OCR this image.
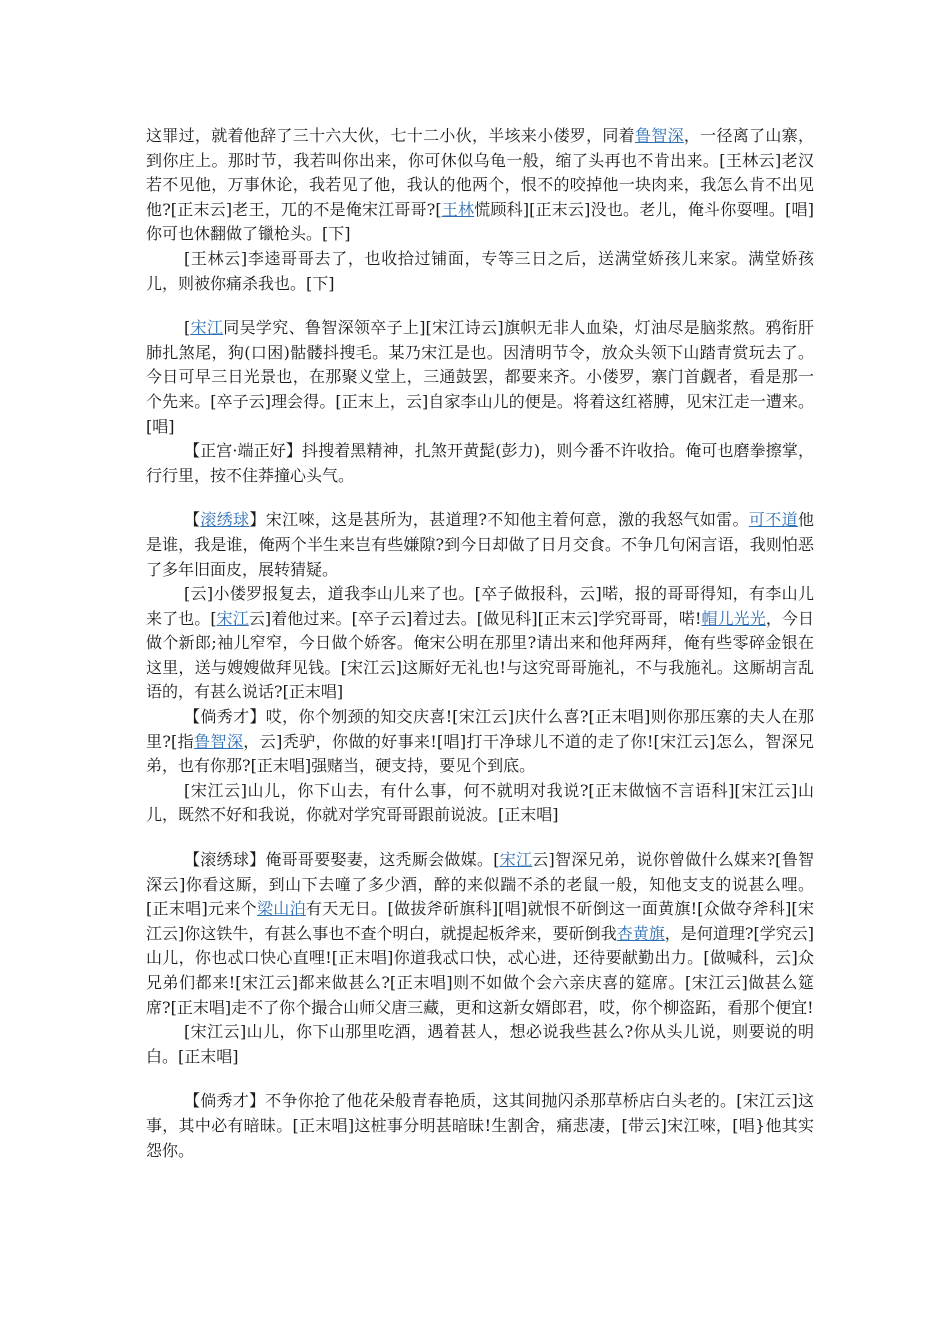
这罪过，就着他辞了三十六大伙，七十二小伙，半垓来小偻罗，同着鲁智深，一径离了山寨，到你庄上。那时节，我若叫你出来，你可休似乌龟一般，缩了头再也不肯出来。[王林云]老汉若不见他，万事休论，我若见了他，我认的他两个，恨不的咬掉他一块肉来，我怎么肯不出见他?[正末云]老王，兀的不是俺宋江哥哥?[王林慌顾科][正末云]没也。老儿，俺斗你耍哩。[唱]你可也休翻做了镴枪头。[下]

[王林云]李逵哥哥去了，也收拾过铺面，专等三日之后，送满堂娇孩儿来家。满堂娇孩儿，则被你痛杀我也。[下]

[宋江同吴学究、鲁智深领卒子上][宋江诗云]旗帜无非人血染，灯油尽是脑浆熬。鸦衔肝肺扎煞尾，狗(口困)骷髅抖搜毛。某乃宋江是也。因清明节令，放众头领下山踏青赏玩去了。今日可早三日光景也，在那聚义堂上，三通鼓罢，都要来齐。小偻罗，寨门首觑者，看是那一个先来。[卒子云]理会得。[正末上，云]自家李山儿的便是。将着这红褡膊，见宋江走一遭来。[唱]

【正宫·端正好】抖搜着黑精神，扎煞开黄髭(彭力)，则今番不许收拾。俺可也磨拳擦掌，行行里，按不住莽撞心头气。

【滚绣球】宋江唻，这是甚所为，甚道理?不知他主着何意，激的我怒气如雷。可不道他是谁，我是谁，俺两个半生来岂有些嫌隙?到今日却做了日月交食。不争几句闲言语，我则怕恶了多年旧面皮，展转猜疑。

[云]小偻罗报复去，道我李山儿来了也。[卒子做报科，云]喏，报的哥哥得知，有李山儿来了也。[宋江云]着他过来。[卒子云]着过去。[做见科][正末云]学究哥哥，喏!帽儿光光，今日做个新郎;袖儿窄窄，今日做个娇客。俺宋公明在那里?请出来和他拜两拜，俺有些零碎金银在这里，送与嫂嫂做拜见钱。[宋江云]这厮好无礼也!与这究哥哥施礼，不与我施礼。这厮胡言乱语的，有甚么说话?[正末唱]

【倘秀才】哎，你个刎颈的知交庆喜![宋江云]庆什么喜?[正末唱]则你那压寨的夫人在那里?[指鲁智深，云]秃驴，你做的好事来![唱]打干净球儿不道的走了你![宋江云]怎么，智深兄弟，也有你那?[正末唱]强赌当，硬支持，要见个到底。

[宋江云]山儿，你下山去，有什么事，何不就明对我说?[正末做恼不言语科][宋江云]山儿，既然不好和我说，你就对学究哥哥跟前说波。[正末唱]

【滚绣球】俺哥哥要娶妻，这秃厮会做媒。[宋江云]智深兄弟，说你曾做什么媒来?[鲁智深云]你看这厮，到山下去噇了多少酒，醉的来似踹不杀的老鼠一般，知他支支的说甚么哩。[正末唱]元来个梁山泊有天无日。[做拔斧斫旗科][唱]就恨不斫倒这一面黄旗![众做夺斧科][宋江云]你这铁牛，有甚么事也不查个明白，就提起板斧来，要斫倒我杏黄旗，是何道理?[学究云]山儿，你也忒口快心直哩![正末唱]你道我忒口快，忒心进，还待要献勤出力。[做喊科，云]众兄弟们都来![宋江云]都来做甚么?[正末唱]则不如做个会六亲庆喜的筵席。[宋江云]做甚么筵席?[正末唱]走不了你个撮合山师父唐三藏，更和这新女婿郎君，哎，你个柳盗跖，看那个便宜!

[宋江云]山儿，你下山那里吃酒，遇着甚人，想必说我些甚么?你从头儿说，则要说的明白。[正末唱]

【倘秀才】不争你抢了他花朵般青春艳质，这其间抛闪杀那草桥店白头老的。[宋江云]这事，其中必有暗昧。[正末唱]这桩事分明甚暗昧!生割舍，痛悲凄，[带云]宋江唻，[唱}他其实怨你。
